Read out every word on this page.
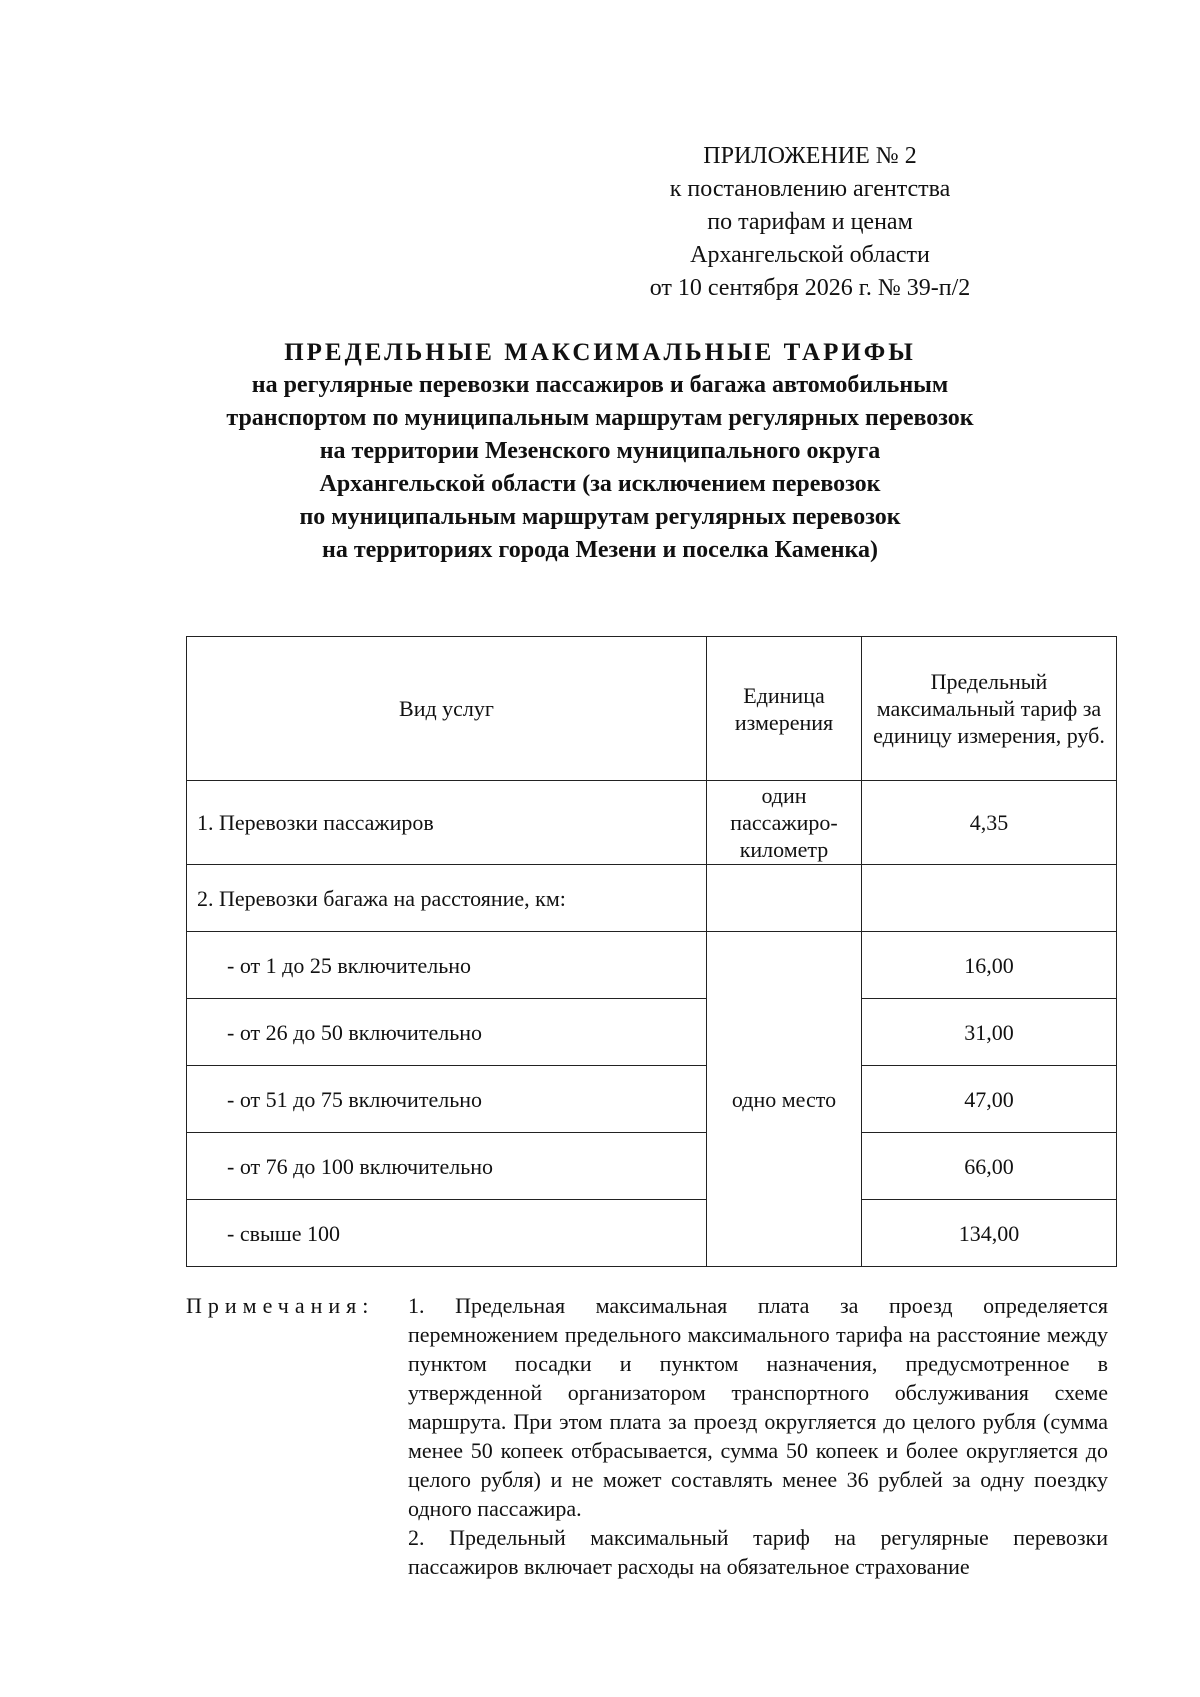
ПРИЛОЖЕНИЕ № 2
к постановлению агентства
по тарифам и ценам
Архангельской области
от 10 сентября 2026 г. № 39-п/2
ПРЕДЕЛЬНЫЕ МАКСИМАЛЬНЫЕ ТАРИФЫ
на регулярные перевозки пассажиров и багажа автомобильным
транспортом по муниципальным маршрутам регулярных перевозок
на территории Мезенского муниципального округа
Архангельской области (за исключением перевозок
по муниципальным маршрутам регулярных перевозок
на территориях города Мезени и поселка Каменка)
Вид услуг	Единица измерения	Предельный максимальный тариф за единицу измерения, руб.
1. Перевозки пассажиров	один пассажиро-километр	4,35
2. Перевозки багажа на расстояние, км:		
- от 1 до 25 включительно	одно место	16,00
- от 26 до 50 включительно		31,00
- от 51 до 75 включительно		47,00
- от 76 до 100 включительно		66,00
- свыше 100		134,00
Примечания: 1. Предельная максимальная плата за проезд определяется перемножением предельного максимального тарифа на расстояние между пунктом посадки и пунктом назначения, предусмотренное в утвержденной организатором транспортного обслуживания схеме маршрута. При этом плата за проезд округляется до целого рубля (сумма менее 50 копеек отбрасывается, сумма 50 копеек и более округляется до целого рубля) и не может составлять менее 36 рублей за одну поездку одного пассажира.

2. Предельный максимальный тариф на регулярные перевозки пассажиров включает расходы на обязательное страхование
